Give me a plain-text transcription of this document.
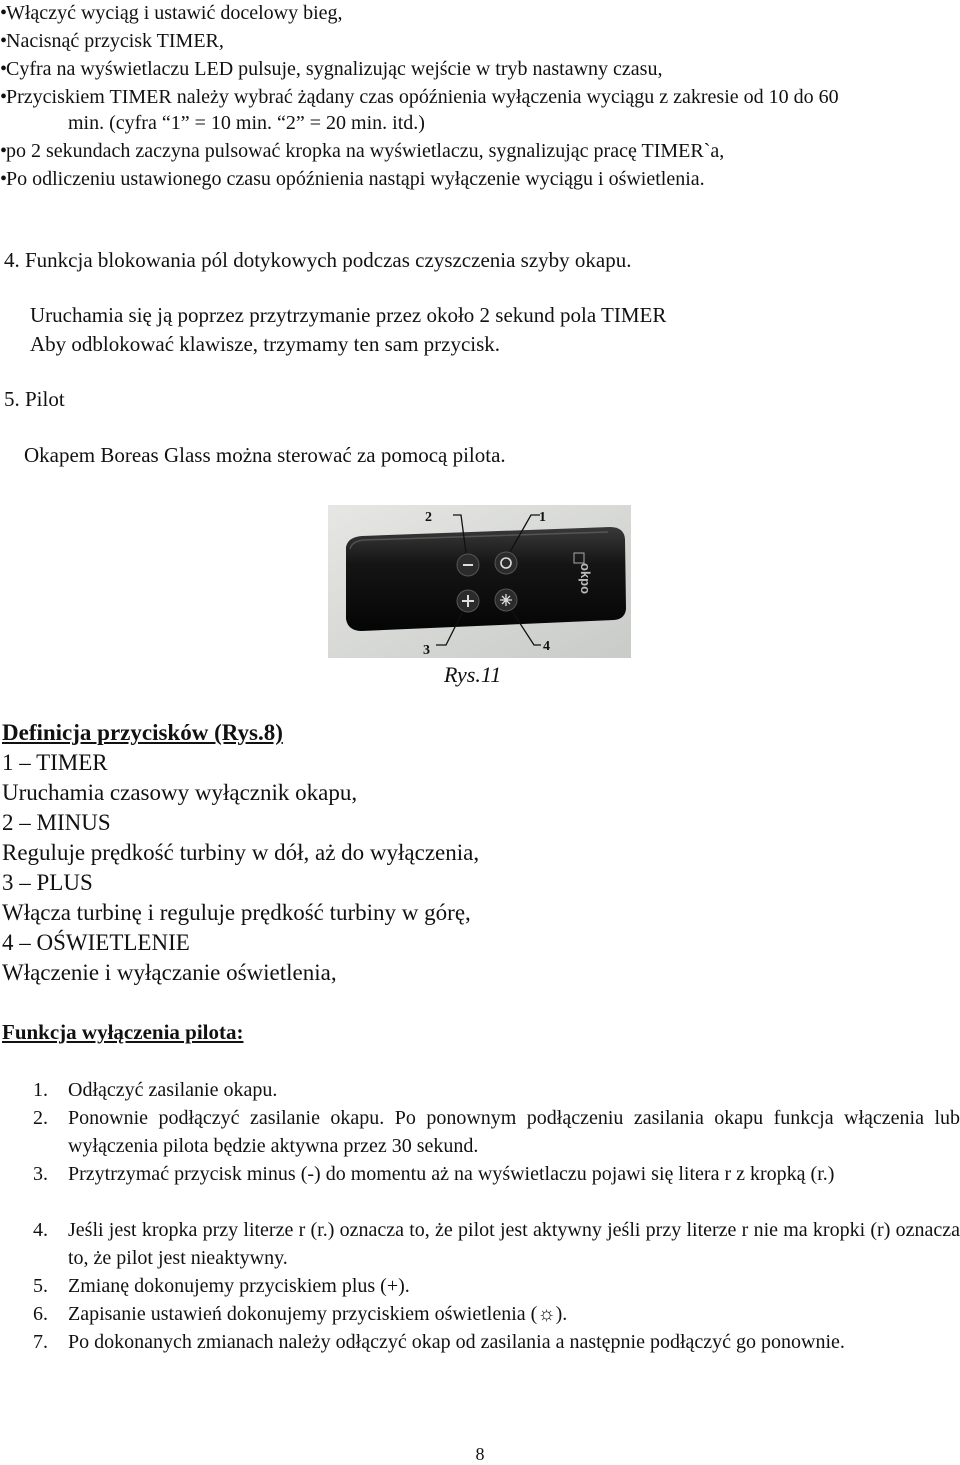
•Włączyć wyciąg i ustawić docelowy bieg,
•Nacisnąć przycisk TIMER,
•Cyfra na wyświetlaczu LED pulsuje, sygnalizując wejście w tryb nastawny czasu,
•Przyciskiem TIMER należy wybrać żądany czas opóźnienia wyłączenia wyciągu z zakresie od 10 do 60
min. (cyfra “1” = 10 min. “2” = 20 min. itd.)
•po 2 sekundach zaczyna pulsować kropka na wyświetlaczu, sygnalizując pracę TIMER`a,
•Po odliczeniu ustawionego czasu opóźnienia nastąpi wyłączenie wyciągu i oświetlenia.
4. Funkcja blokowania pól dotykowych podczas czyszczenia szyby okapu.
Uruchamia się ją poprzez przytrzymanie przez około 2 sekund pola TIMER
Aby odblokować klawisze, trzymamy ten sam przycisk.
5. Pilot
Okapem Boreas Glass można sterować za pomocą pilota.
okpo
2	1
3	4
Rys.11
Definicja przycisków (Rys.8)
1 – TIMER
Uruchamia czasowy wyłącznik okapu,
2 – MINUS
Reguluje prędkość turbiny w dół, aż do wyłączenia,
3 – PLUS
Włącza turbinę i reguluje prędkość turbiny w górę,
4 – OŚWIETLENIE
Włączenie i wyłączanie oświetlenia,
Funkcja wyłączenia pilota:
1.	Odłączyć zasilanie okapu.
2.	Ponownie podłączyć zasilanie okapu. Po ponownym podłączeniu zasilania okapu funkcja włączenia lub wyłączenia pilota będzie aktywna przez 30 sekund.
3.	Przytrzymać przycisk minus (-) do momentu aż na wyświetlaczu pojawi się litera r z kropką (r.)
4.	Jeśli jest kropka przy literze r (r.) oznacza to, że pilot jest aktywny jeśli przy literze r nie ma kropki (r) oznacza to, że pilot jest nieaktywny.
5.	Zmianę dokonujemy przyciskiem plus (+).
6.	Zapisanie ustawień dokonujemy przyciskiem oświetlenia (☼).
7.	Po dokonanych zmianach należy odłączyć okap od zasilania a następnie podłączyć go ponownie.
8
